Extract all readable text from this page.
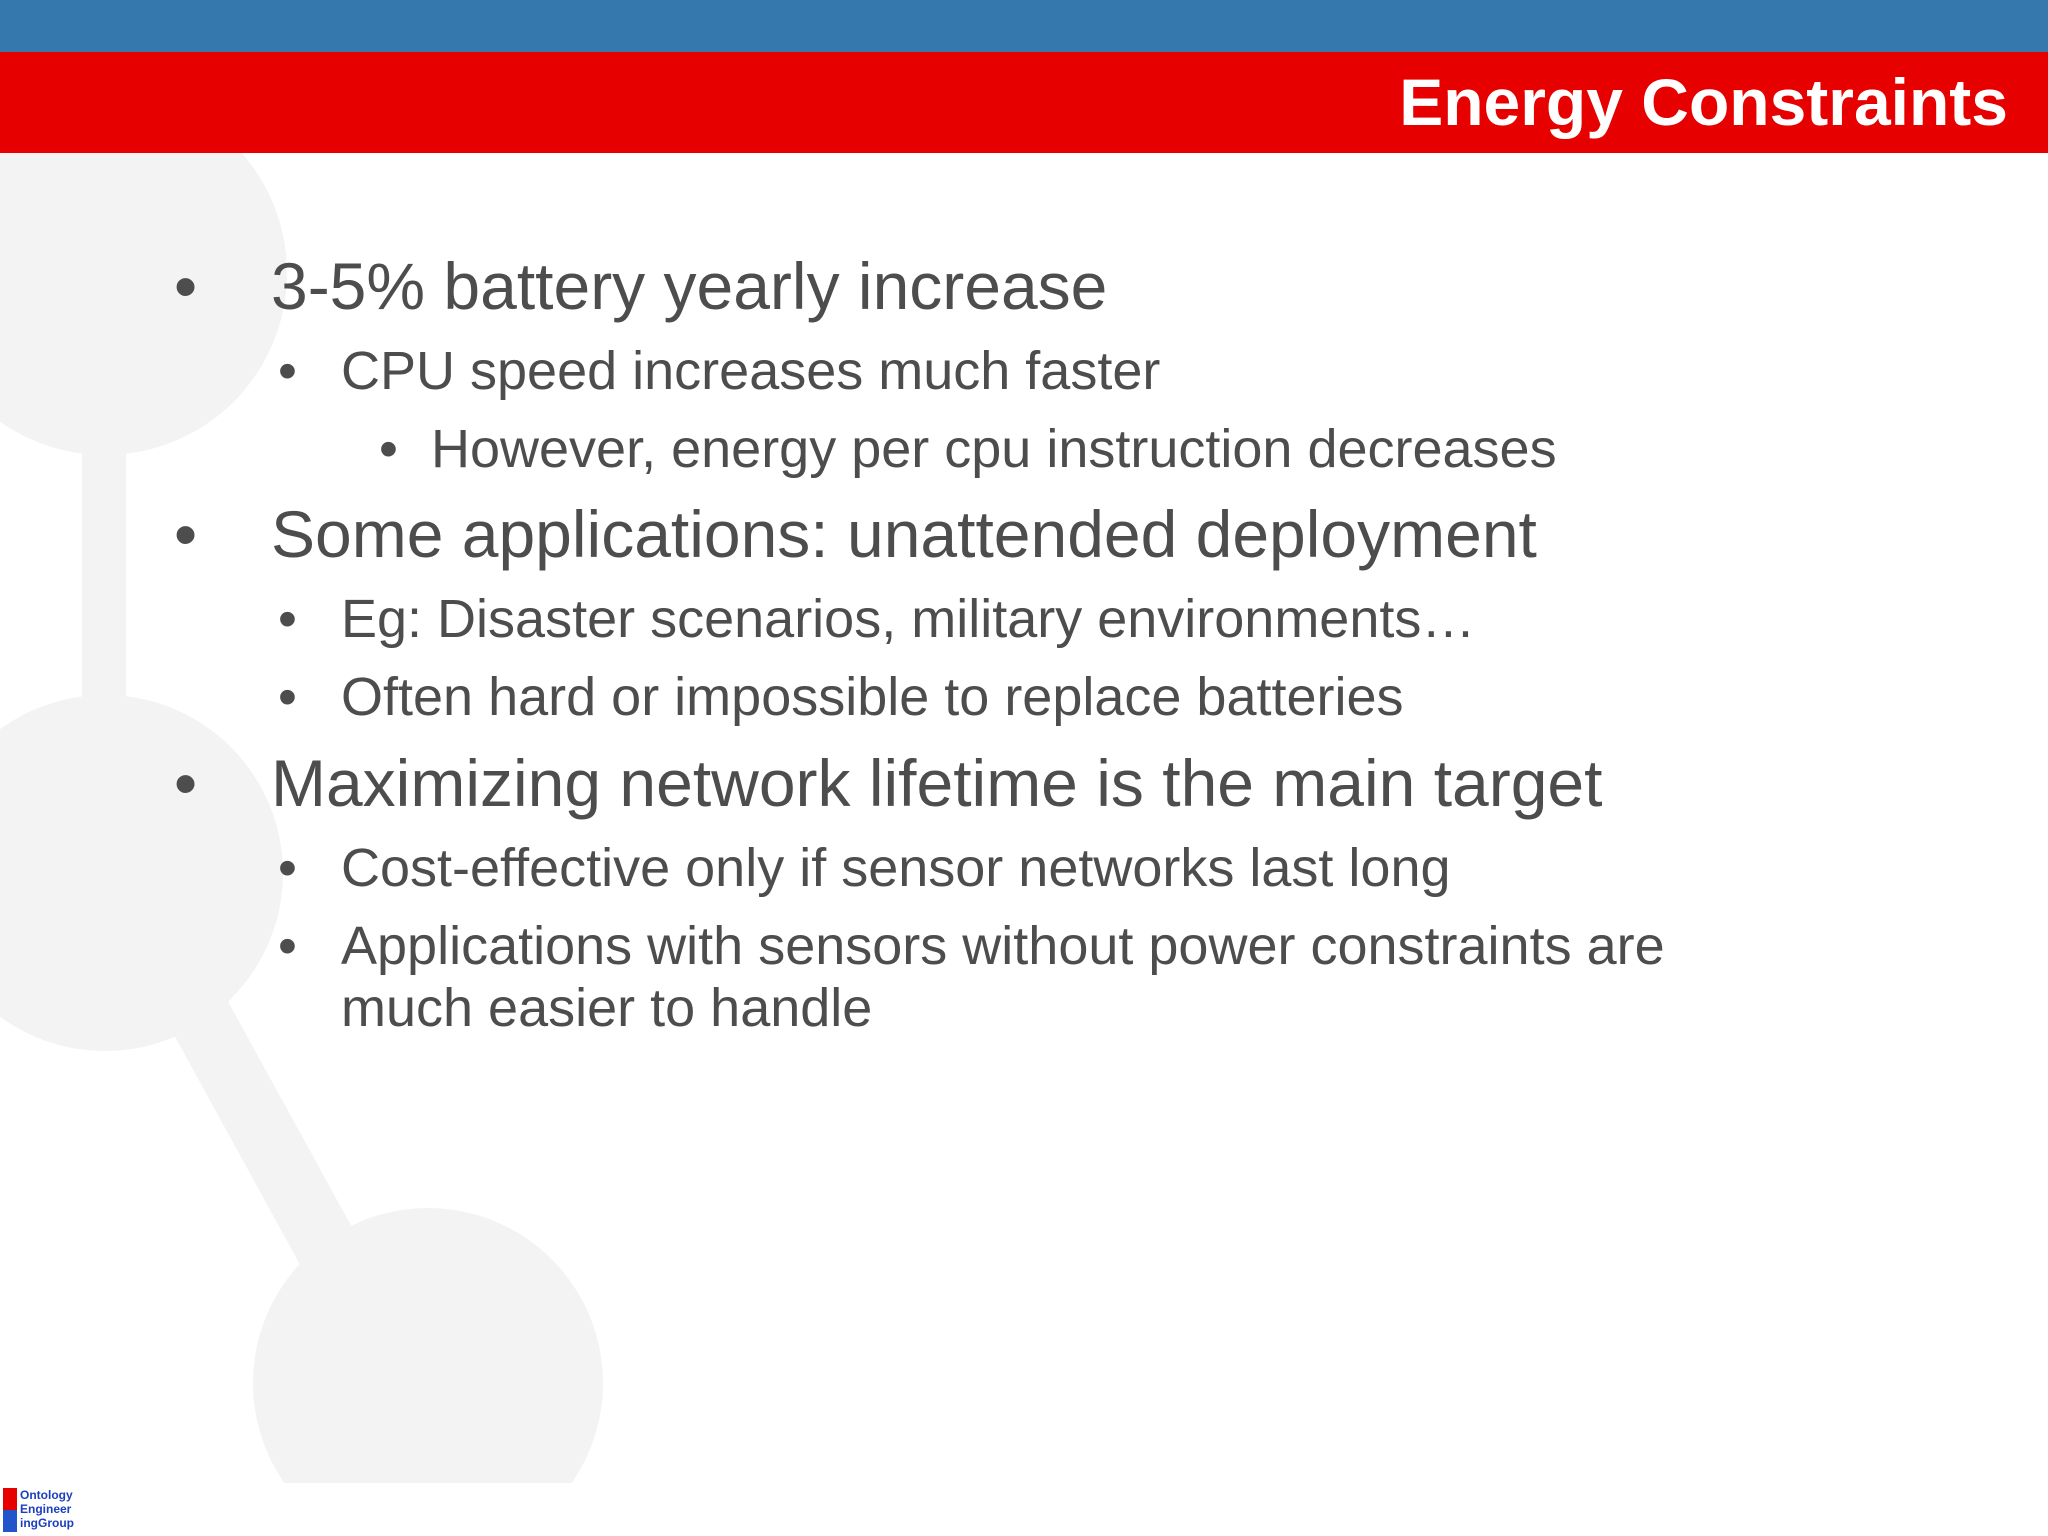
Energy Constraints
• 3-5% battery yearly increase
• CPU speed increases much faster
• However, energy per cpu instruction decreases
• Some applications: unattended deployment
• Eg: Disaster scenarios, military environments…
• Often hard or impossible to replace batteries
• Maximizing network lifetime is the main target
• Cost-effective only if sensor networks last long
• Applications with sensors without power constraints are
much easier to handle
Ontology
Engineer
ingGroup
